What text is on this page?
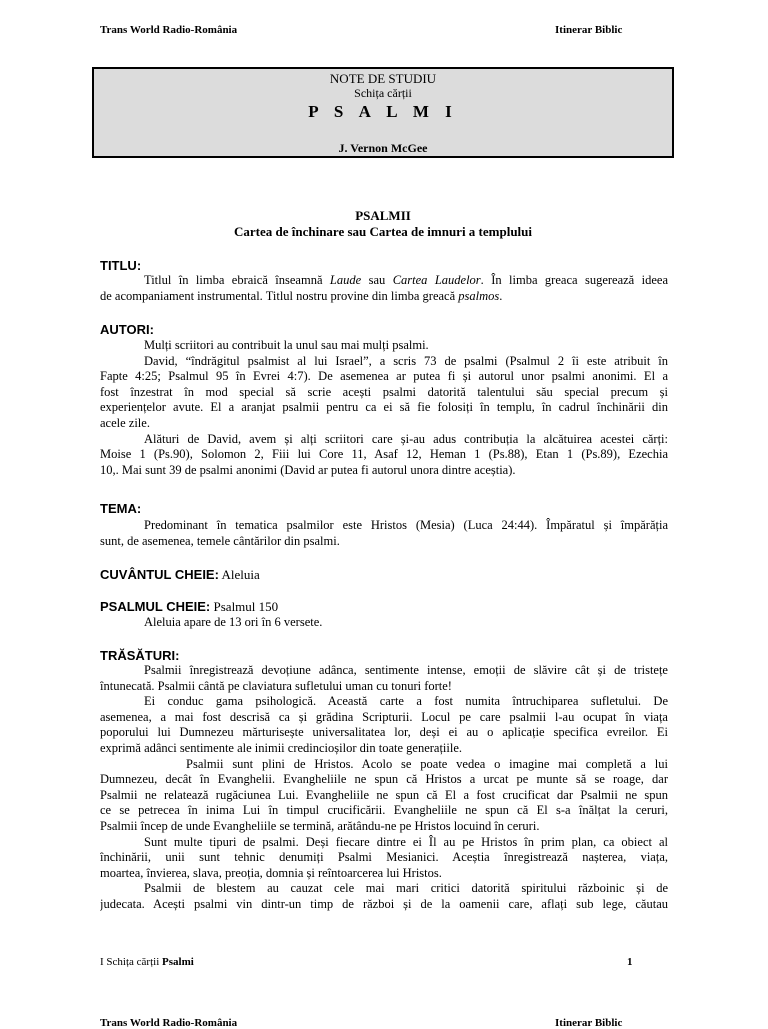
Trans World Radio-România	Itinerar Biblic
NOTE DE STUDIU
Schița cărții
P S A L M I
J. Vernon McGee
PSALMII
Cartea de închinare sau Cartea de imnuri a templului
TITLU:
Titlul în limba ebraică înseamnă Laude sau Cartea Laudelor. În limba greaca sugerează ideea
de acompaniament instrumental. Titlul nostru provine din limba greacă psalmos.
AUTORI:
Mulți scriitori au contribuit la unul sau mai mulți psalmi.
David, “îndrăgitul psalmist al lui Israel”, a scris 73 de psalmi (Psalmul 2 îi este atribuit în
Fapte 4:25; Psalmul 95 în Evrei 4:7). De asemenea ar putea fi și autorul unor psalmi anonimi. El a
fost înzestrat în mod special să scrie acești psalmi datorită talentului său special precum și
experiențelor avute. El a aranjat psalmii pentru ca ei să fie folosiți în templu, în cadrul închinării din
acele zile.
Alături de David, avem și alți scriitori care și-au adus contribuția la alcătuirea acestei cărți:
Moise 1 (Ps.90), Solomon 2, Fiii lui Core 11, Asaf 12, Heman 1 (Ps.88), Etan 1 (Ps.89), Ezechia
10,. Mai sunt 39 de psalmi anonimi (David ar putea fi autorul unora dintre aceștia).
TEMA:
Predominant în tematica psalmilor este Hristos (Mesia) (Luca 24:44). Împăratul și împărăția
sunt, de asemenea, temele cântărilor din psalmi.
CUVÂNTUL CHEIE: Aleluia
PSALMUL CHEIE: Psalmul 150
Aleluia apare de 13 ori în 6 versete.
TRĂSĂTURI:
Psalmii înregistrează devoțiune adânca, sentimente intense, emoții de slăvire cât și de tristețe
întunecată. Psalmii cântă pe claviatura sufletului uman cu tonuri forte!
Ei conduc gama psihologică. Această carte a fost numita întruchiparea sufletului. De
asemenea, a mai fost descrisă ca și grădina Scripturii. Locul pe care psalmii l-au ocupat în viața
poporului lui Dumnezeu mărturisește universalitatea lor, deși ei au o aplicație specifica evreilor. Ei
exprimă adânci sentimente ale inimii credincioșilor din toate generațiile.
Psalmii sunt plini de Hristos. Acolo se poate vedea o imagine mai completă a lui
Dumnezeu, decât în Evanghelii. Evangheliile ne spun că Hristos a urcat pe munte să se roage, dar
Psalmii ne relatează rugăciunea Lui. Evangheliile ne spun că El a fost crucificat dar Psalmii ne spun
ce se petrecea în inima Lui în timpul crucificării. Evangheliile ne spun că El s-a înălțat la ceruri,
Psalmii încep de unde Evangheliile se termină, arătându-ne pe Hristos locuind în ceruri.
Sunt multe tipuri de psalmi. Deși fiecare dintre ei Îl au pe Hristos în prim plan, ca obiect al
închinării, unii sunt tehnic denumiți Psalmi Mesianici. Aceștia înregistrează nașterea, viața,
moartea, învierea, slava, preoția, domnia și reîntoarcerea lui Hristos.
Psalmii de blestem au cauzat cele mai mari critici datorită spiritului războinic și de
judecata. Acești psalmi vin dintr-un timp de război și de la oamenii care, aflați sub lege, căutau
I Schița cărții Psalmi	1
Trans World Radio-România	Itinerar Biblic
